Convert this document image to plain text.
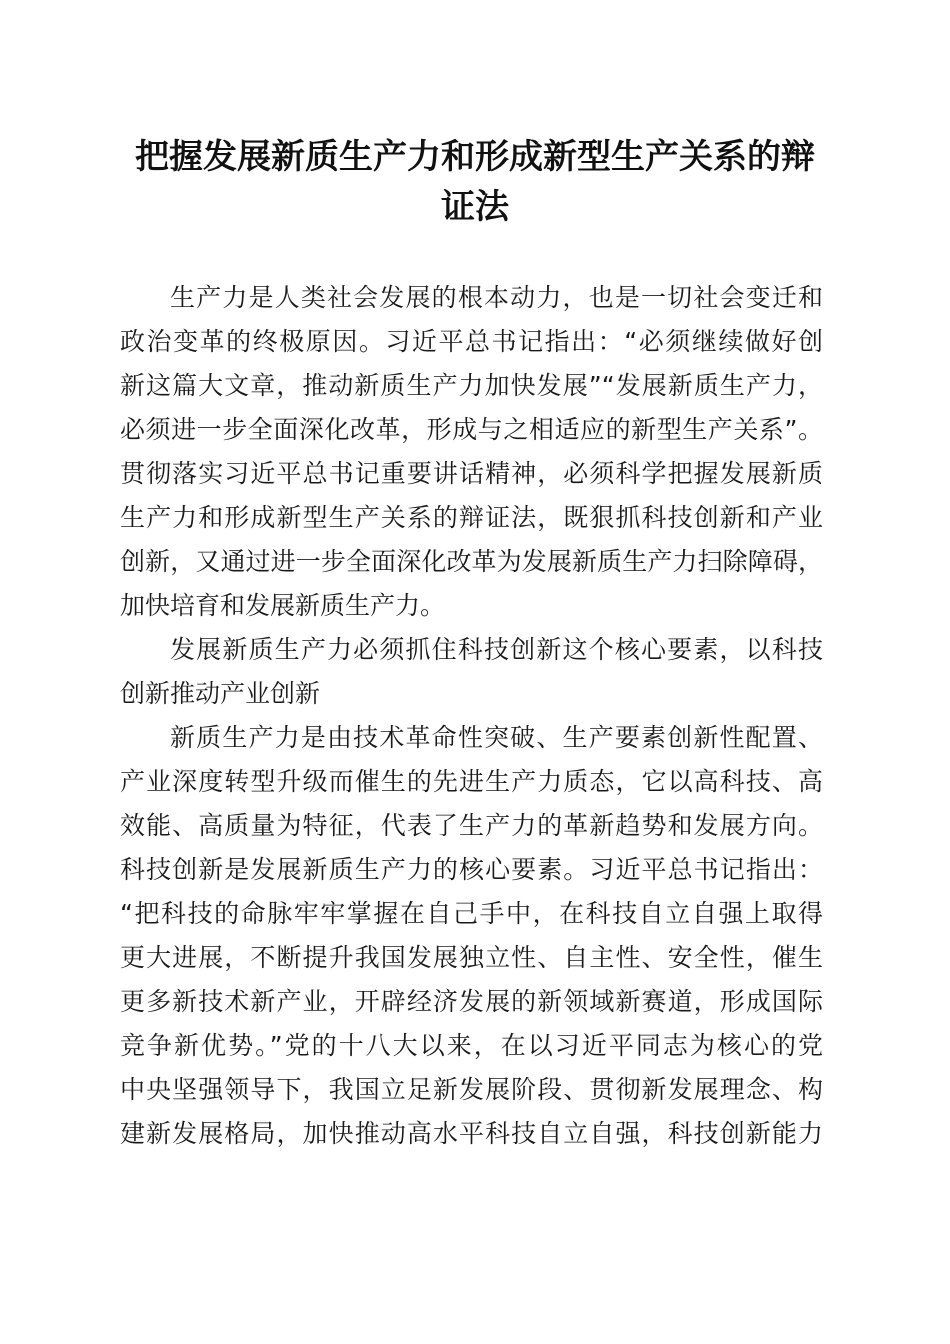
把握发展新质生产力和形成新型生产关系的辩
证法
生产力是人类社会发展的根本动力，也是一切社会变迁和
政治变革的终极原因。习近平总书记指出：“必须继续做好创
新这篇大文章，推动新质生产力加快发展”“发展新质生产力，
必须进一步全面深化改革，形成与之相适应的新型生产关系”。
贯彻落实习近平总书记重要讲话精神，必须科学把握发展新质
生产力和形成新型生产关系的辩证法，既狠抓科技创新和产业
创新，又通过进一步全面深化改革为发展新质生产力扫除障碍，
加快培育和发展新质生产力。
发展新质生产力必须抓住科技创新这个核心要素，以科技
创新推动产业创新
新质生产力是由技术革命性突破、生产要素创新性配置、
产业深度转型升级而催生的先进生产力质态，它以高科技、高
效能、高质量为特征，代表了生产力的革新趋势和发展方向。
科技创新是发展新质生产力的核心要素。习近平总书记指出：
“把科技的命脉牢牢掌握在自己手中，在科技自立自强上取得
更大进展，不断提升我国发展独立性、自主性、安全性，催生
更多新技术新产业，开辟经济发展的新领域新赛道，形成国际
竞争新优势。”党的十八大以来，在以习近平同志为核心的党
中央坚强领导下，我国立足新发展阶段、贯彻新发展理念、构
建新发展格局，加快推动高水平科技自立自强，科技创新能力
